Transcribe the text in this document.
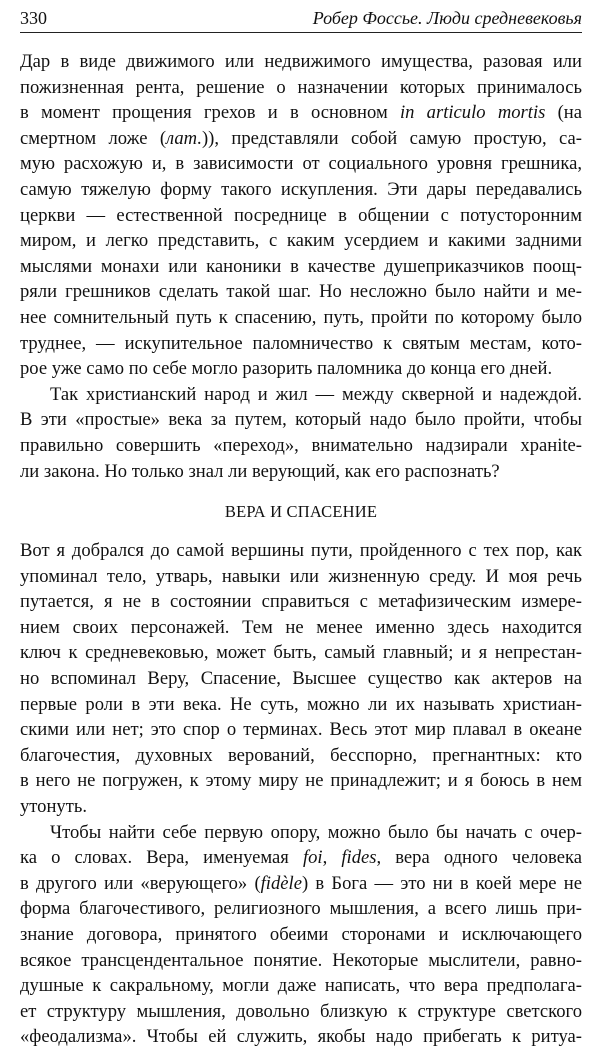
330	Робер Фоссье. Люди средневековья
Дар в виде движимого или недвижимого имущества, разовая или
пожизненная рента, решение о назначении которых принималось
в момент прощения грехов и в основном in articulo mortis (на
смертном ложе (лат.)), представляли собой самую простую, са-
мую расхожую и, в зависимости от социального уровня грешника,
самую тяжелую форму такого искупления. Эти дары передавались
церкви — естественной посреднице в общении с потусторонним
миром, и легко представить, с каким усердием и какими задними
мыслями монахи или каноники в качестве душеприказчиков поощ-
ряли грешников сделать такой шаг. Но несложно было найти и ме-
нее сомнительный путь к спасению, путь, пройти по которому было
труднее, — искупительное паломничество к святым местам, кото-
рое уже само по себе могло разорить паломника до конца его дней.
Так христианский народ и жил — между скверной и надеждой.
В эти «простые» века за путем, который надо было пройти, чтобы
правильно совершить «переход», внимательно надзирали хранite-
ли закона. Но только знал ли верующий, как его распознать?
ВЕРА И СПАСЕНИЕ
Вот я добрался до самой вершины пути, пройденного с тех пор, как
упоминал тело, утварь, навыки или жизненную среду. И моя речь
путается, я не в состоянии справиться с метафизическим измере-
нием своих персонажей. Тем не менее именно здесь находится
ключ к средневековью, может быть, самый главный; и я непрестан-
но вспоминал Веру, Спасение, Высшее существо как актеров на
первые роли в эти века. Не суть, можно ли их называть христиан-
скими или нет; это спор о терминах. Весь этот мир плавал в океане
благочестия, духовных верований, бесспорно, прегнантных: кто
в него не погружен, к этому миру не принадлежит; и я боюсь в нем
утонуть.
Чтобы найти себе первую опору, можно было бы начать с очер-
ка о словах. Вера, именуемая foi, fides, вера одного человека
в другого или «верующего» (fidèle) в Бога — это ни в коей мере не
форма благочестивого, религиозного мышления, а всего лишь при-
знание договора, принятого обеими сторонами и исключающего
всякое трансцендентальное понятие. Некоторые мыслители, равно-
душные к сакральному, могли даже написать, что вера предполага-
ет структуру мышления, довольно близкую к структуре светского
«феодализма». Чтобы ей служить, якобы надо прибегать к ритуа-
